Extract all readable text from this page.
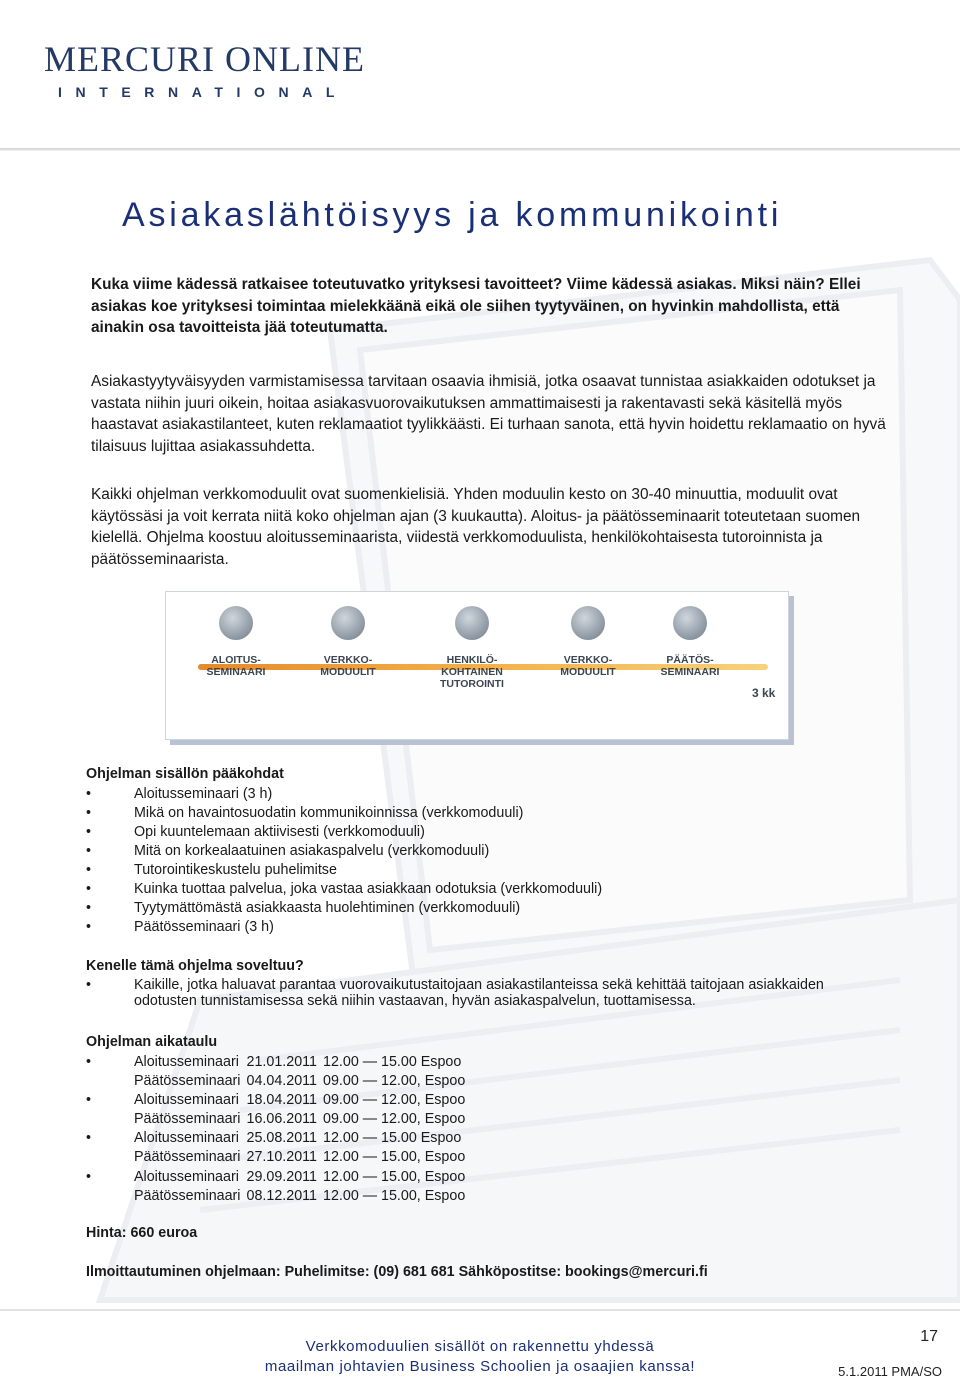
MERCURI ONLINE
INTERNATIONAL
Asiakaslähtöisyys ja kommunikointi

Kuka viime kädessä ratkaisee toteutuvatko yrityksesi tavoitteet? Viime kädessä asiakas. Miksi näin? Ellei asiakas koe yrityksesi toimintaa mielekkäänä eikä ole siihen tyytyväinen, on hyvinkin mahdollista, että ainakin osa tavoitteista jää toteutumatta.

Asiakastyytyväisyyden varmistamisessa tarvitaan osaavia ihmisiä, jotka osaavat tunnistaa asiakkaiden odotukset ja vastata niihin juuri oikein, hoitaa asiakasvuorovaikutuksen ammattimaisesti ja rakentavasti sekä käsitellä myös haastavat asiakastilanteet, kuten reklamaatiot tyylikkäästi. Ei turhaan sanota, että hyvin hoidettu reklamaatio on hyvä tilaisuus lujittaa asiakassuhdetta.

Kaikki ohjelman verkkomoduulit ovat suomenkielisiä. Yhden moduulin kesto on 30-40 minuuttia, moduulit ovat käytössäsi ja voit kerrata niitä koko ohjelman ajan (3 kuukautta). Aloitus- ja päätösseminaarit toteutetaan suomen kielellä. Ohjelma koostuu aloitusseminaarista, viidestä verkkomoduulista, henkilökohtaisesta tutoroinnista ja päätösseminaarista.

ALOITUS-
SEMINAARI
VERKKO-
MODUULIT
HENKILÖ-
KOHTAINEN
TUTOROINTI
VERKKO-
MODUULIT
PÄÄTÖS-
SEMINAARI
3 kk

Ohjelman sisällön pääkohdat

• Aloitusseminaari (3 h)
• Mikä on havaintosuodatin kommunikoinnissa (verkkomoduuli)
• Opi kuuntelemaan aktiivisesti (verkkomoduuli)
• Mitä on korkealaatuinen asiakaspalvelu (verkkomoduuli)
• Tutorointikeskustelu puhelimitse
• Kuinka tuottaa palvelua, joka vastaa asiakkaan odotuksia (verkkomoduuli)
• Tyytymättömästä asiakkaasta huolehtiminen (verkkomoduuli)
• Päätösseminaari (3 h)

Kenelle tämä ohjelma soveltuu?

• Kaikille, jotka haluavat parantaa vuorovaikutustaitojaan asiakastilanteissa sekä kehittää taitojaan asiakkaiden odotusten tunnistamisessa sekä niihin vastaavan, hyvän asiakaspalvelun, tuottamisessa.

Ohjelman aikataulu

•	Aloitusseminaari	21.01.2011	12.00 — 15.00 Espoo
	Päätösseminaari	04.04.2011	09.00 — 12.00, Espoo
•	Aloitusseminaari	18.04.2011	09.00 — 12.00, Espoo
	Päätösseminaari	16.06.2011	09.00 — 12.00, Espoo
•	Aloitusseminaari	25.08.2011	12.00 — 15.00 Espoo
	Päätösseminaari	27.10.2011	12.00 — 15.00, Espoo
•	Aloitusseminaari	29.09.2011	12.00 — 15.00, Espoo
	Päätösseminaari	08.12.2011	12.00 — 15.00, Espoo

Hinta: 660 euroa

Ilmoittautuminen ohjelmaan: Puhelimitse: (09) 681 681 Sähköpostitse: bookings@mercuri.fi

Verkkomoduulien sisällöt on rakennettu yhdessä
maailman johtavien Business Schoolien ja osaajien kanssa!
17
5.1.2011 PMA/SO
